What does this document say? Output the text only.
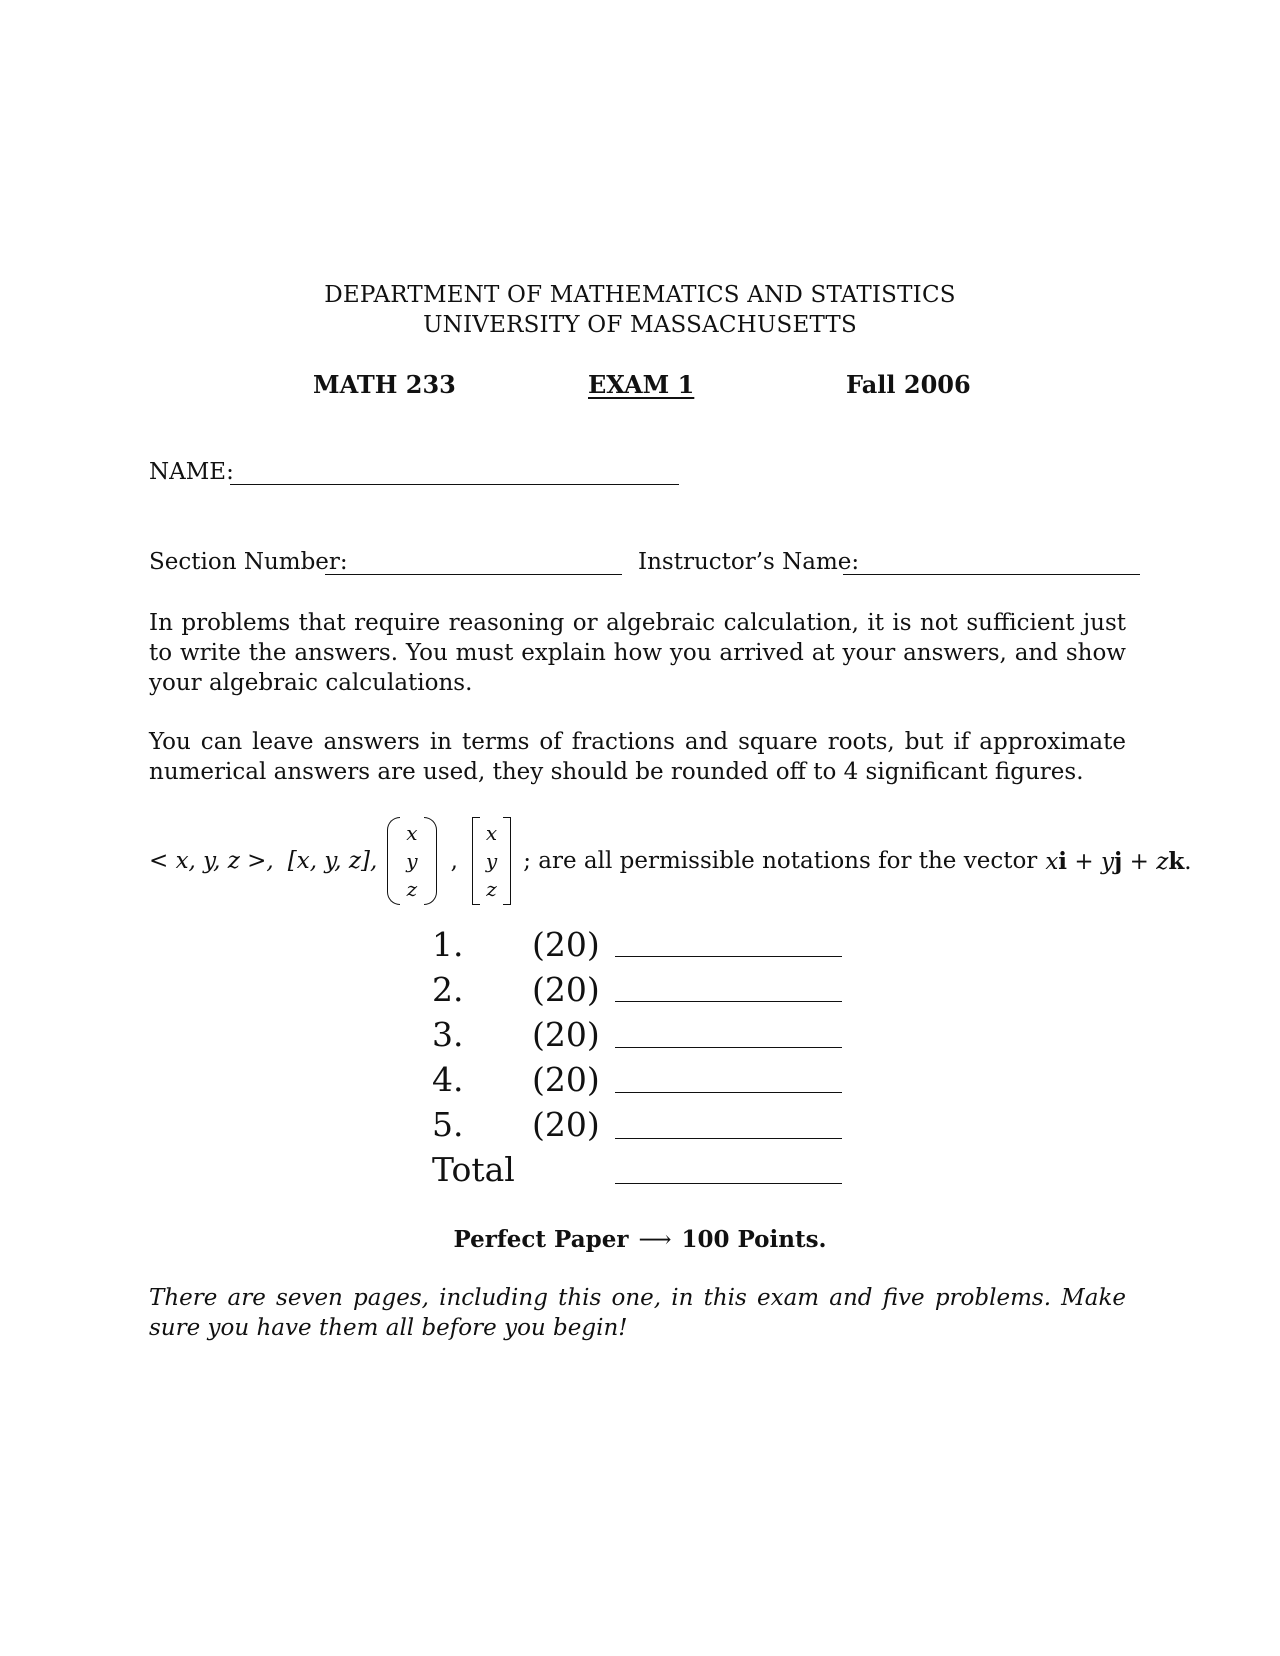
DEPARTMENT OF MATHEMATICS AND STATISTICS
UNIVERSITY OF MASSACHUSETTS
MATH 233	EXAM 1	Fall 2006
NAME:
Section Number:	Instructor’s Name:
In problems that require reasoning or algebraic calculation, it is not sufficient just to write the answers. You must explain how you arrived at your answers, and show your algebraic calculations.
You can leave answers in terms of fractions and square roots, but if approximate numerical answers are used, they should be rounded off to 4 significant figures.
< x, y, z >, [x, y, z],
x
y
z
,
x
y
z
; are all permissible notations for the vector xi + yj + zk.
1. (20)
2. (20)
3. (20)
4. (20)
5. (20)
Total
Perfect Paper ⟶ 100 Points.
There are seven pages, including this one, in this exam and five problems. Make sure you have them all before you begin!
